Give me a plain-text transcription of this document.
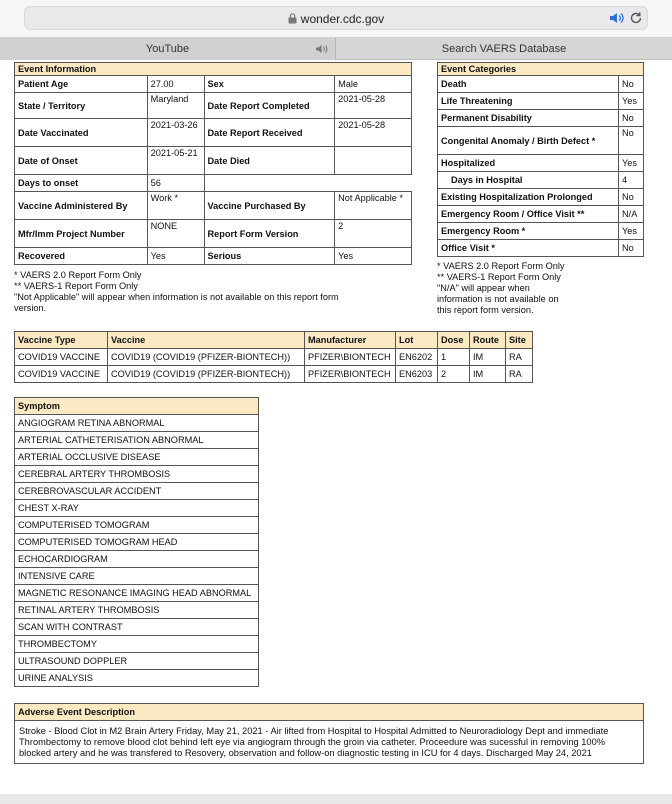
wonder.cdc.gov
YouTube	Search VAERS Database
Event Information			
Patient Age	27.00	Sex	Male
State / Territory	Maryland	Date Report Completed	2021-05-28
Date Vaccinated	2021-03-26	Date Report Received	2021-05-28
Date of Onset	2021-05-21	Date Died	
Days to onset	56		
Vaccine Administered By	Work *	Vaccine Purchased By	Not Applicable *
Mfr/Imm Project Number	NONE	Report Form Version	2
Recovered	Yes	Serious	Yes
* VAERS 2.0 Report Form Only
** VAERS-1 Report Form Only
"Not Applicable" will appear when information is not available on this report form
version.
Event Categories	
Death	No
Life Threatening	Yes
Permanent Disability	No
Congenital Anomaly / Birth Defect *	No
Hospitalized	Yes
Days in Hospital	4
Existing Hospitalization Prolonged	No
Emergency Room / Office Visit **	N/A
Emergency Room *	Yes
Office Visit *	No
* VAERS 2.0 Report Form Only
** VAERS-1 Report Form Only
"N/A" will appear when
information is not available on
this report form version.
Vaccine Type	Vaccine	Manufacturer	Lot	Dose	Route	Site
COVID19 VACCINE	COVID19 (COVID19 (PFIZER-BIONTECH))	PFIZER\BIONTECH	EN6202	1	IM	RA
COVID19 VACCINE	COVID19 (COVID19 (PFIZER-BIONTECH))	PFIZER\BIONTECH	EN6203	2	IM	RA
Symptom
ANGIOGRAM RETINA ABNORMAL
ARTERIAL CATHETERISATION ABNORMAL
ARTERIAL OCCLUSIVE DISEASE
CEREBRAL ARTERY THROMBOSIS
CEREBROVASCULAR ACCIDENT
CHEST X-RAY
COMPUTERISED TOMOGRAM
COMPUTERISED TOMOGRAM HEAD
ECHOCARDIOGRAM
INTENSIVE CARE
MAGNETIC RESONANCE IMAGING HEAD ABNORMAL
RETINAL ARTERY THROMBOSIS
SCAN WITH CONTRAST
THROMBECTOMY
ULTRASOUND DOPPLER
URINE ANALYSIS
Adverse Event Description
Stroke - Blood Clot in M2 Brain Artery Friday, May 21, 2021 - Air lifted from Hospital to Hospital Admitted to Neuroradiology Dept and immediate Thrombectomy to remove blood clot behind left eye via angiogram through the groin via catheter. Proceedure was sucessful in removing 100% blocked artery and he was transfered to Resovery, observation and follow-on diagnostic testing in ICU for 4 days. Discharged May 24, 2021
